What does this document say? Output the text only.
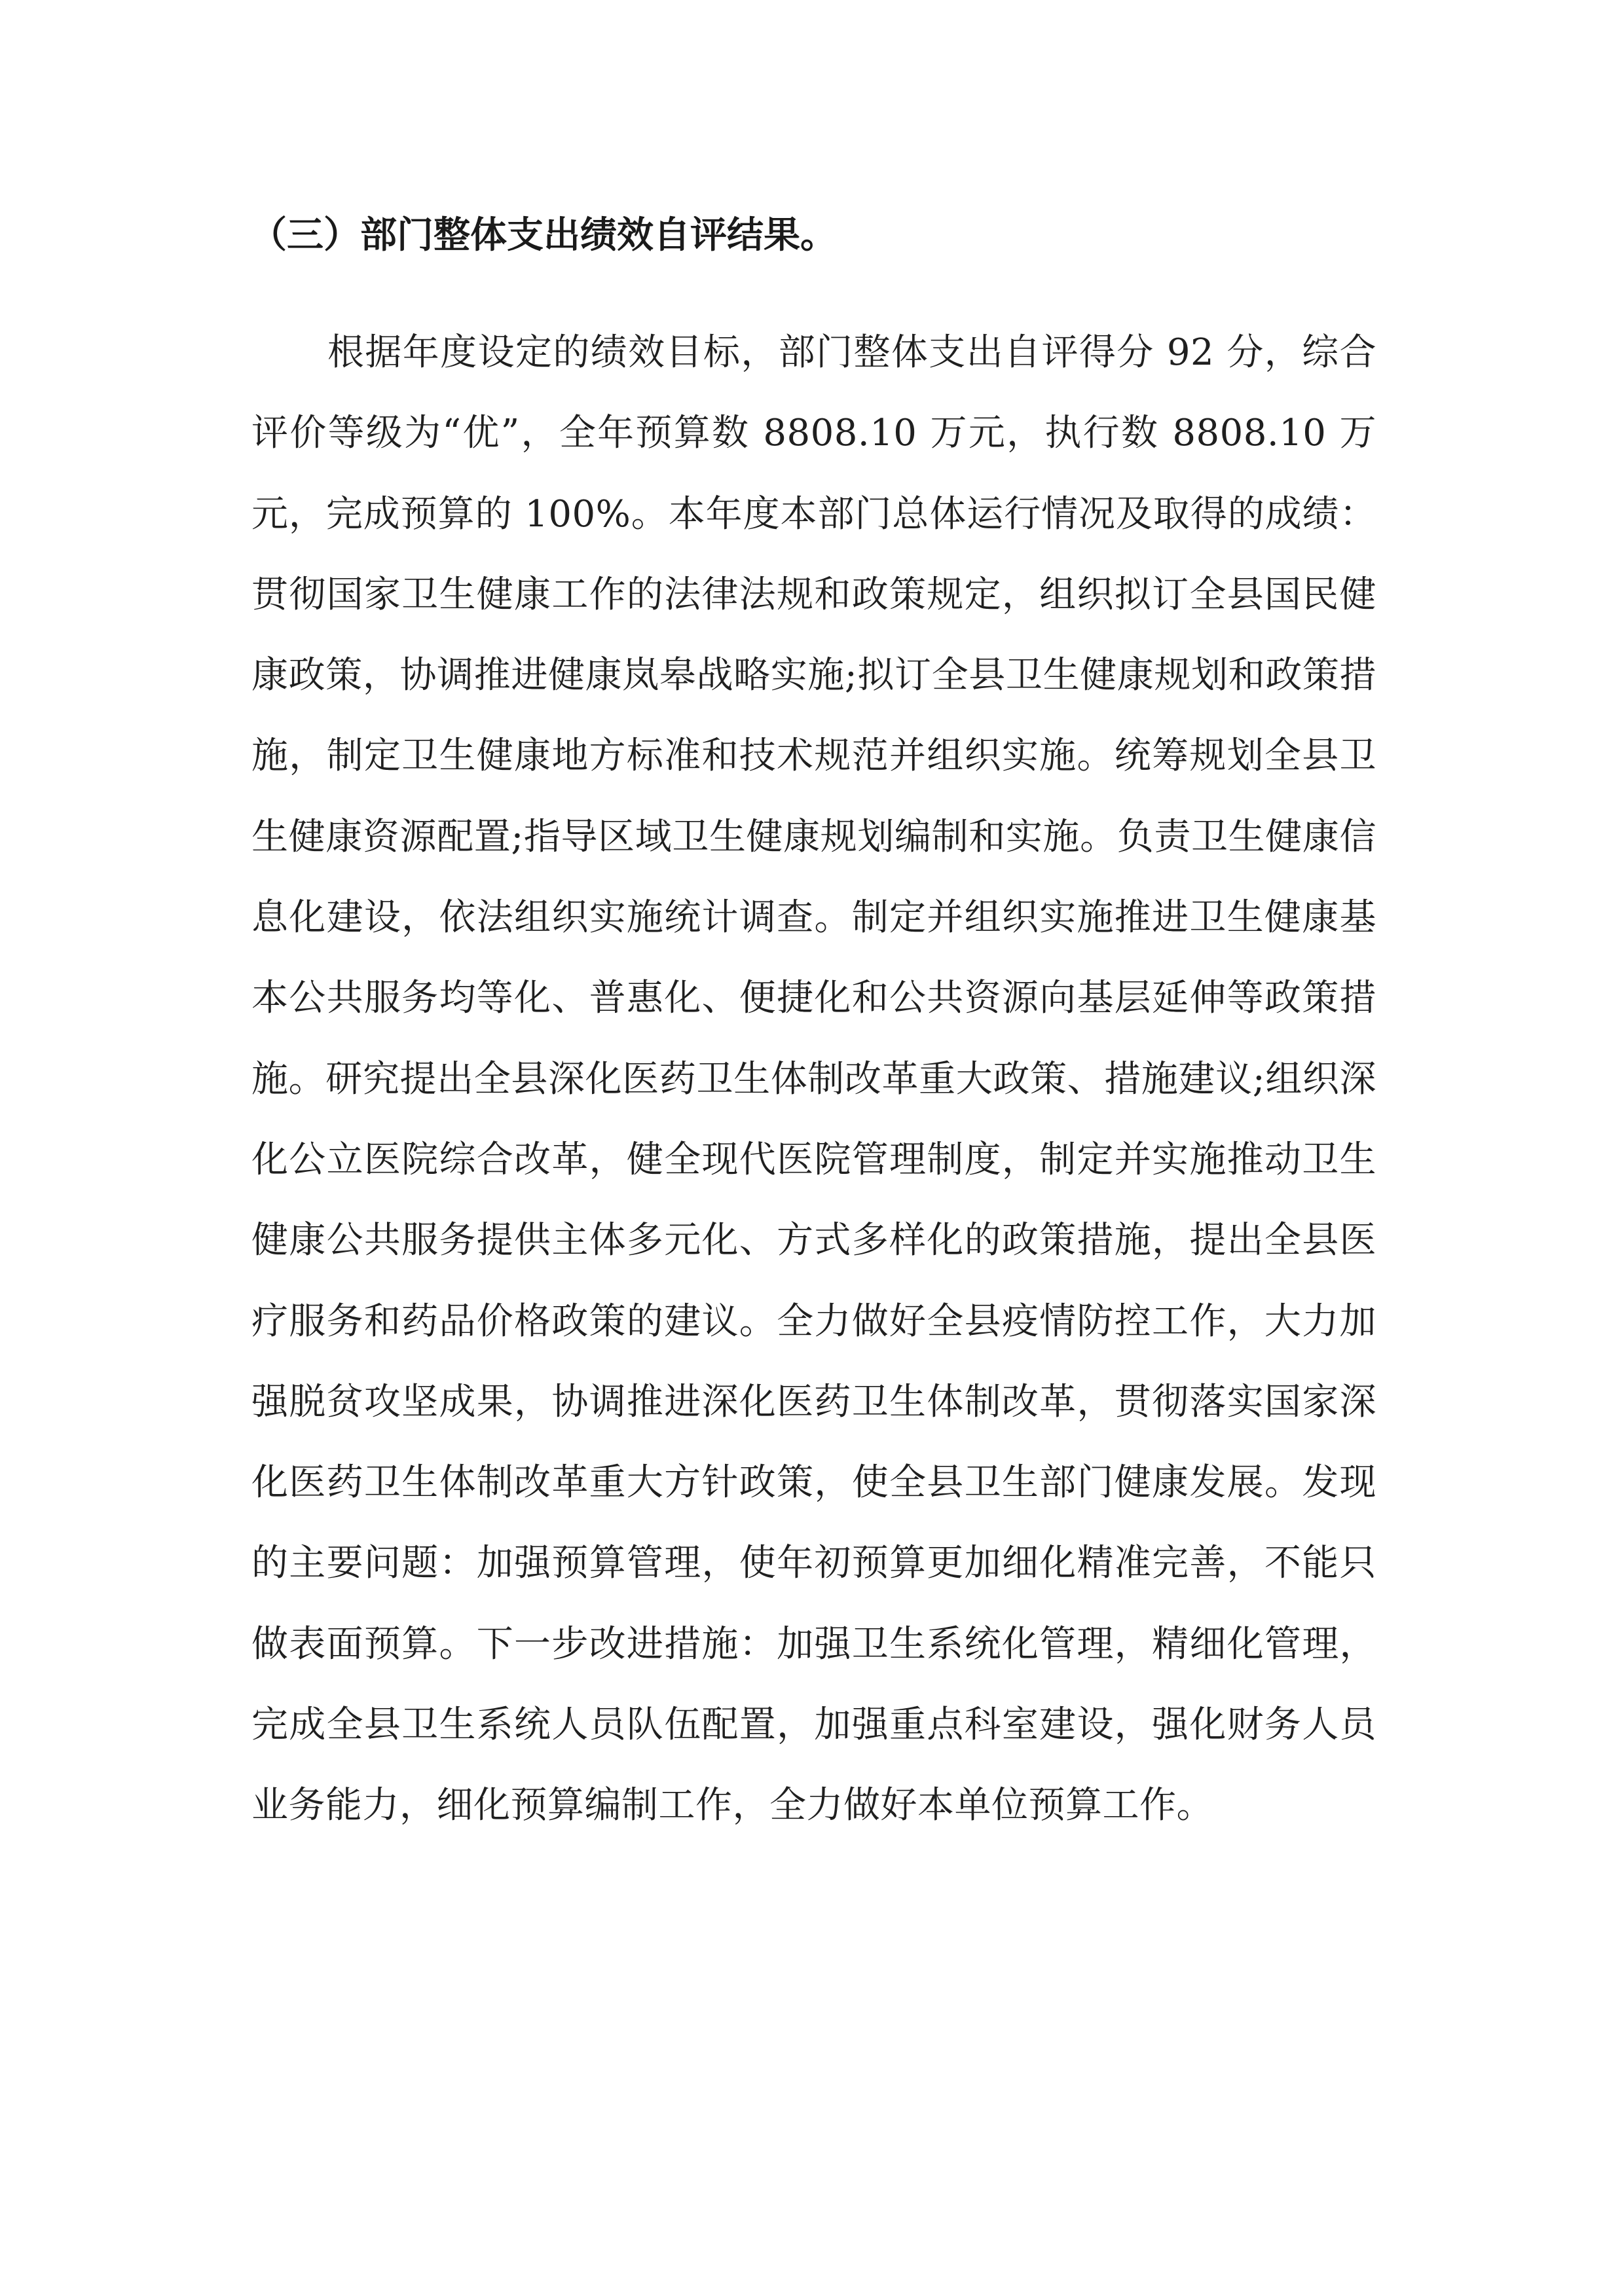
（三）部门整体支出绩效自评结果。

根据年度设定的绩效目标，部门整体支出自评得分 92 分，综合评价等级为“优”，全年预算数 8808.10 万元，执行数 8808.10 万元，完成预算的 100%。本年度本部门总体运行情况及取得的成绩：贯彻国家卫生健康工作的法律法规和政策规定，组织拟订全县国民健康政策，协调推进健康岚皋战略实施;拟订全县卫生健康规划和政策措施，制定卫生健康地方标准和技术规范并组织实施。统筹规划全县卫生健康资源配置;指导区域卫生健康规划编制和实施。负责卫生健康信息化建设，依法组织实施统计调查。制定并组织实施推进卫生健康基本公共服务均等化、普惠化、便捷化和公共资源向基层延伸等政策措施。研究提出全县深化医药卫生体制改革重大政策、措施建议;组织深化公立医院综合改革，健全现代医院管理制度，制定并实施推动卫生健康公共服务提供主体多元化、方式多样化的政策措施，提出全县医疗服务和药品价格政策的建议。全力做好全县疫情防控工作，大力加强脱贫攻坚成果，协调推进深化医药卫生体制改革，贯彻落实国家深化医药卫生体制改革重大方针政策，使全县卫生部门健康发展。发现的主要问题：加强预算管理，使年初预算更加细化精准完善，不能只做表面预算。下一步改进措施：加强卫生系统化管理，精细化管理，完成全县卫生系统人员队伍配置，加强重点科室建设，强化财务人员业务能力，细化预算编制工作，全力做好本单位预算工作。
